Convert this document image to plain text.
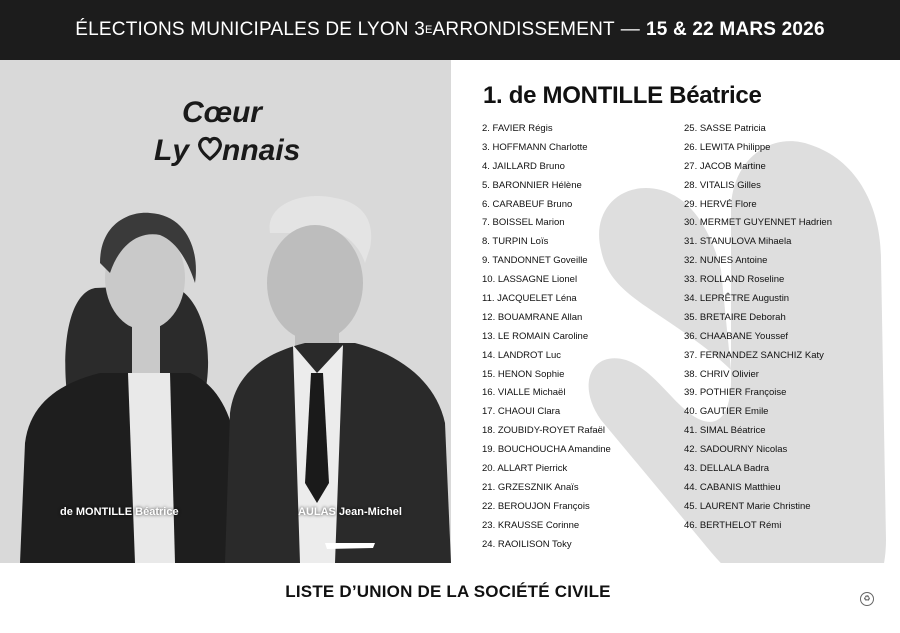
ÉLECTIONS MUNICIPALES DE LYON 3 E ARRONDISSEMENT — 15 & 22 MARS 2026
Cœur
Ly nnais
de MONTILLE Béatrice	AULAS Jean-Michel
1. de MONTILLE Béatrice
2. FAVIER Régis
3. HOFFMANN Charlotte
4. JAILLARD Bruno
5. BARONNIER Hélène
6. CARABEUF Bruno
7. BOISSEL Marion
8. TURPIN Loïs
9. TANDONNET Goveille
10. LASSAGNE Lionel
11. JACQUELET Léna
12. BOUAMRANE Allan
13. LE ROMAIN Caroline
14. LANDROT Luc
15. HENON Sophie
16. VIALLE Michaël
17. CHAOUI Clara
18. ZOUBIDY-ROYET Rafaël
19. BOUCHOUCHA Amandine
20. ALLART Pierrick
21. GRZESZNIK Anaïs
22. BEROUJON François
23. KRAUSSE Corinne
24. RAOILISON Toky
25. SASSE Patricia
26. LEWITA Philippe
27. JACOB Martine
28. VITALIS Gilles
29. HERVÉ Flore
30. MERMET GUYENNET Hadrien
31. STANULOVA Mihaela
32. NUNES Antoine
33. ROLLAND Roseline
34. LEPRÊTRE Augustin
35. BRETAIRE Deborah
36. CHAABANE Youssef
37. FERNANDEZ SANCHIZ Katy
38. CHRIV Olivier
39. POTHIER Françoise
40. GAUTIER Emile
41. SIMAL Béatrice
42. SADOURNY Nicolas
43. DELLALA Badra
44. CABANIS Matthieu
45. LAURENT Marie Christine
46. BERTHELOT Rémi
♻
LISTE D’UNION DE LA SOCIÉTÉ CIVILE
